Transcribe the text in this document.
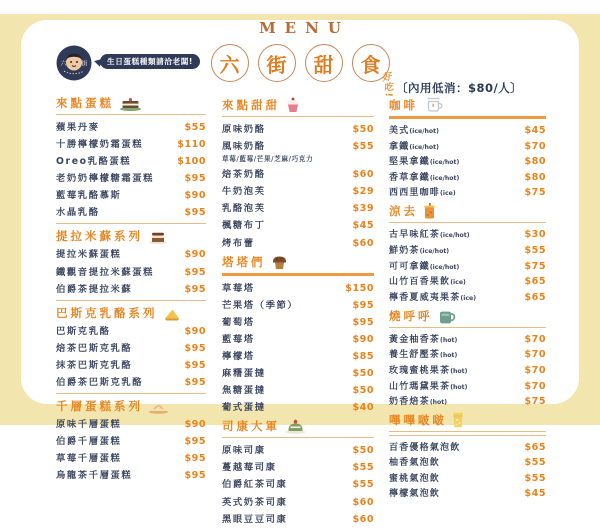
MENU
六 街 甜 食
六 街	生日蛋糕種類請洽老闆!
好吃! 〔內用低消：$80/人〕
來點蛋糕
蘋果丹麥	$55
十勝檸檬奶霜蛋糕	$110
Oreo乳酪蛋糕	$100
老奶奶檸檬糖霜蛋糕	$95
藍莓乳酪慕斯	$90
水晶乳酪	$95
提拉米蘇系列
提拉米蘇蛋糕	$90
鐵觀音提拉米蘇蛋糕	$95
伯爵茶提拉米蘇	$95
巴斯克乳酪系列
巴斯克乳酪	$90
焙茶巴斯克乳酪	$95
抹茶巴斯克乳酪	$95
伯爵茶巴斯克乳酪	$95
千層蛋糕系列
原味千層蛋糕	$90
伯爵千層蛋糕	$95
草莓千層蛋糕	$95
烏龍茶千層蛋糕	$95
來點甜甜
原味奶酪	$50
風味奶酪	$55
草莓/藍莓/芒果/芝麻/巧克力
焙茶奶酪	$60
牛奶泡芙	$29
乳酪泡芙	$39
楓糖布丁	$45
烤布蕾	$60
塔塔們
草莓塔	$150
芒果塔（季節）	$95
葡萄塔	$95
藍莓塔	$90
檸檬塔	$85
麻糬蛋撻	$50
焦糖蛋撻	$50
葡式蛋撻	$40
司康大軍
原味司康	$50
蔓越莓司康	$55
伯爵紅茶司康	$55
英式奶茶司康	$60
黑眼豆豆司康	$60
咖啡
美式(ice/hot)	$45
拿鐵(ice/hot)	$70
堅果拿鐵(ice/hot)	$80
香草拿鐵(ice/hot)	$80
西西里咖啡(ice)	$75
涼去
古早味紅茶(ice/hot)	$30
鮮奶茶(ice/hot)	$55
可可拿鐵(ice/hot)	$75
山竹百香果飲(ice)	$65
檸香夏威夷果茶(ice)	$65
燒呼呼
黃金柚香茶(hot)	$70
養生舒壓茶(hot)	$70
玫瑰蜜桃果茶(hot)	$70
山竹瑪黛果茶(hot)	$70
奶香焙茶(hot)	$75
嗶嗶啵啵
百香優格氣泡飲	$65
柚香氣泡飲	$55
蜜桃氣泡飲	$55
檸檬氣泡飲	$45
